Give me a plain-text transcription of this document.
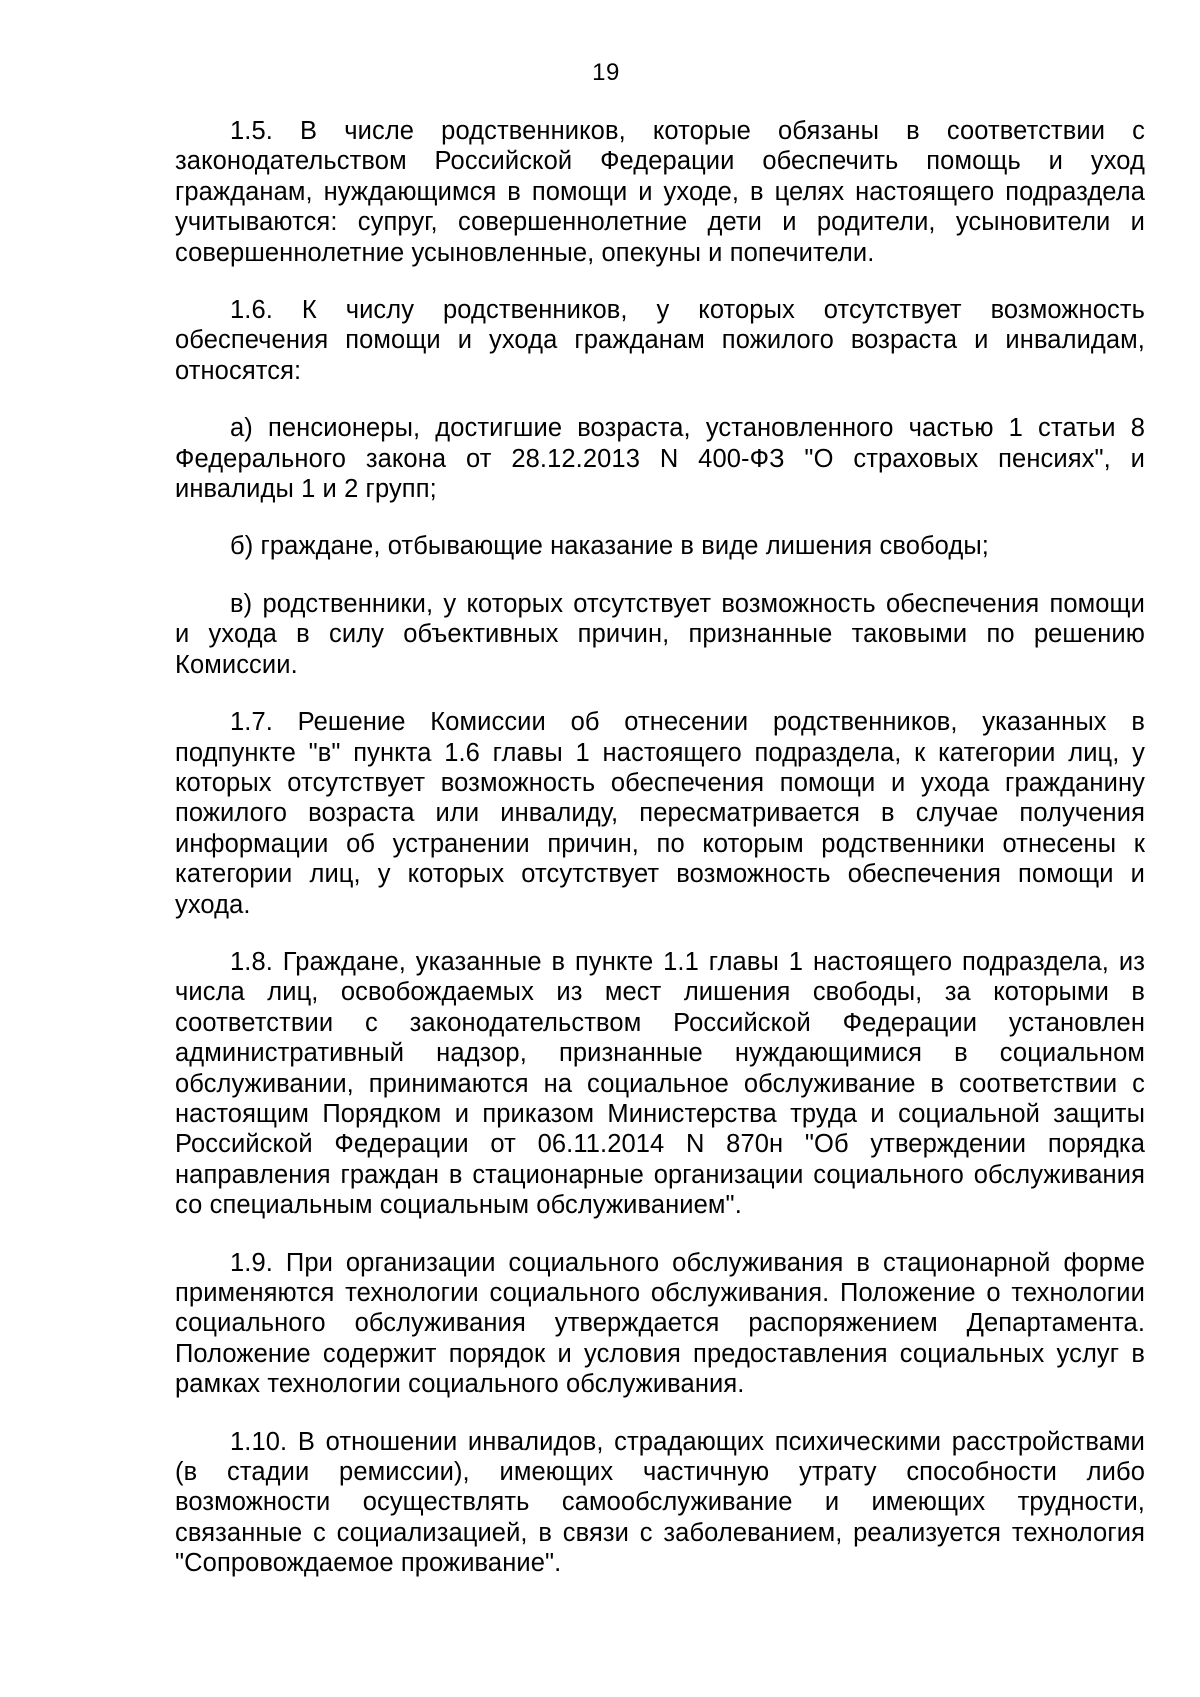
19

1.5. В числе родственников, которые обязаны в соответствии с законодательством Российской Федерации обеспечить помощь и уход гражданам, нуждающимся в помощи и уходе, в целях настоящего подраздела учитываются: супруг, совершеннолетние дети и родители, усыновители и совершеннолетние усыновленные, опекуны и попечители.

1.6. К числу родственников, у которых отсутствует возможность обеспечения помощи и ухода гражданам пожилого возраста и инвалидам, относятся:

а) пенсионеры, достигшие возраста, установленного частью 1 статьи 8 Федерального закона от 28.12.2013 N 400-ФЗ "О страховых пенсиях", и инвалиды 1 и 2 групп;

б) граждане, отбывающие наказание в виде лишения свободы;

в) родственники, у которых отсутствует возможность обеспечения помощи и ухода в силу объективных причин, признанные таковыми по решению Комиссии.

1.7. Решение Комиссии об отнесении родственников, указанных в подпункте "в" пункта 1.6 главы 1 настоящего подраздела, к категории лиц, у которых отсутствует возможность обеспечения помощи и ухода гражданину пожилого возраста или инвалиду, пересматривается в случае получения информации об устранении причин, по которым родственники отнесены к категории лиц, у которых отсутствует возможность обеспечения помощи и ухода.

1.8. Граждане, указанные в пункте 1.1 главы 1 настоящего подраздела, из числа лиц, освобождаемых из мест лишения свободы, за которыми в соответствии с законодательством Российской Федерации установлен административный надзор, признанные нуждающимися в социальном обслуживании, принимаются на социальное обслуживание в соответствии с настоящим Порядком и приказом Министерства труда и социальной защиты Российской Федерации от 06.11.2014 N 870н "Об утверждении порядка направления граждан в стационарные организации социального обслуживания со специальным социальным обслуживанием".

1.9. При организации социального обслуживания в стационарной форме применяются технологии социального обслуживания. Положение о технологии социального обслуживания утверждается распоряжением Департамента. Положение содержит порядок и условия предоставления социальных услуг в рамках технологии социального обслуживания.

1.10. В отношении инвалидов, страдающих психическими расстройствами (в стадии ремиссии), имеющих частичную утрату способности либо возможности осуществлять самообслуживание и имеющих трудности, связанные с социализацией, в связи с заболеванием, реализуется технология "Сопровождаемое проживание".
